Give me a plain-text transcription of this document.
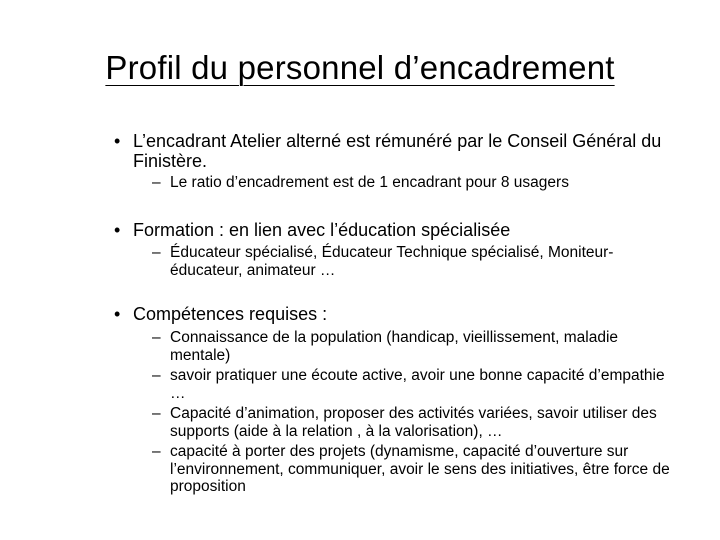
Profil du personnel d’encadrement
• L’encadrant Atelier alterné est rémunéré par le Conseil Général du Finistère.
– Le ratio d’encadrement est de 1 encadrant pour 8 usagers
• Formation : en lien avec l’éducation spécialisée
– Éducateur spécialisé, Éducateur Technique spécialisé, Moniteur-éducateur, animateur …
• Compétences requises :
– Connaissance de la population (handicap, vieillissement, maladie mentale)
– savoir pratiquer une écoute active, avoir une bonne capacité d’empathie …
– Capacité d’animation, proposer des activités variées, savoir utiliser des supports (aide à la relation , à la valorisation), …
– capacité à porter des projets (dynamisme, capacité d’ouverture sur l’environnement, communiquer, avoir le sens des initiatives, être force de proposition
